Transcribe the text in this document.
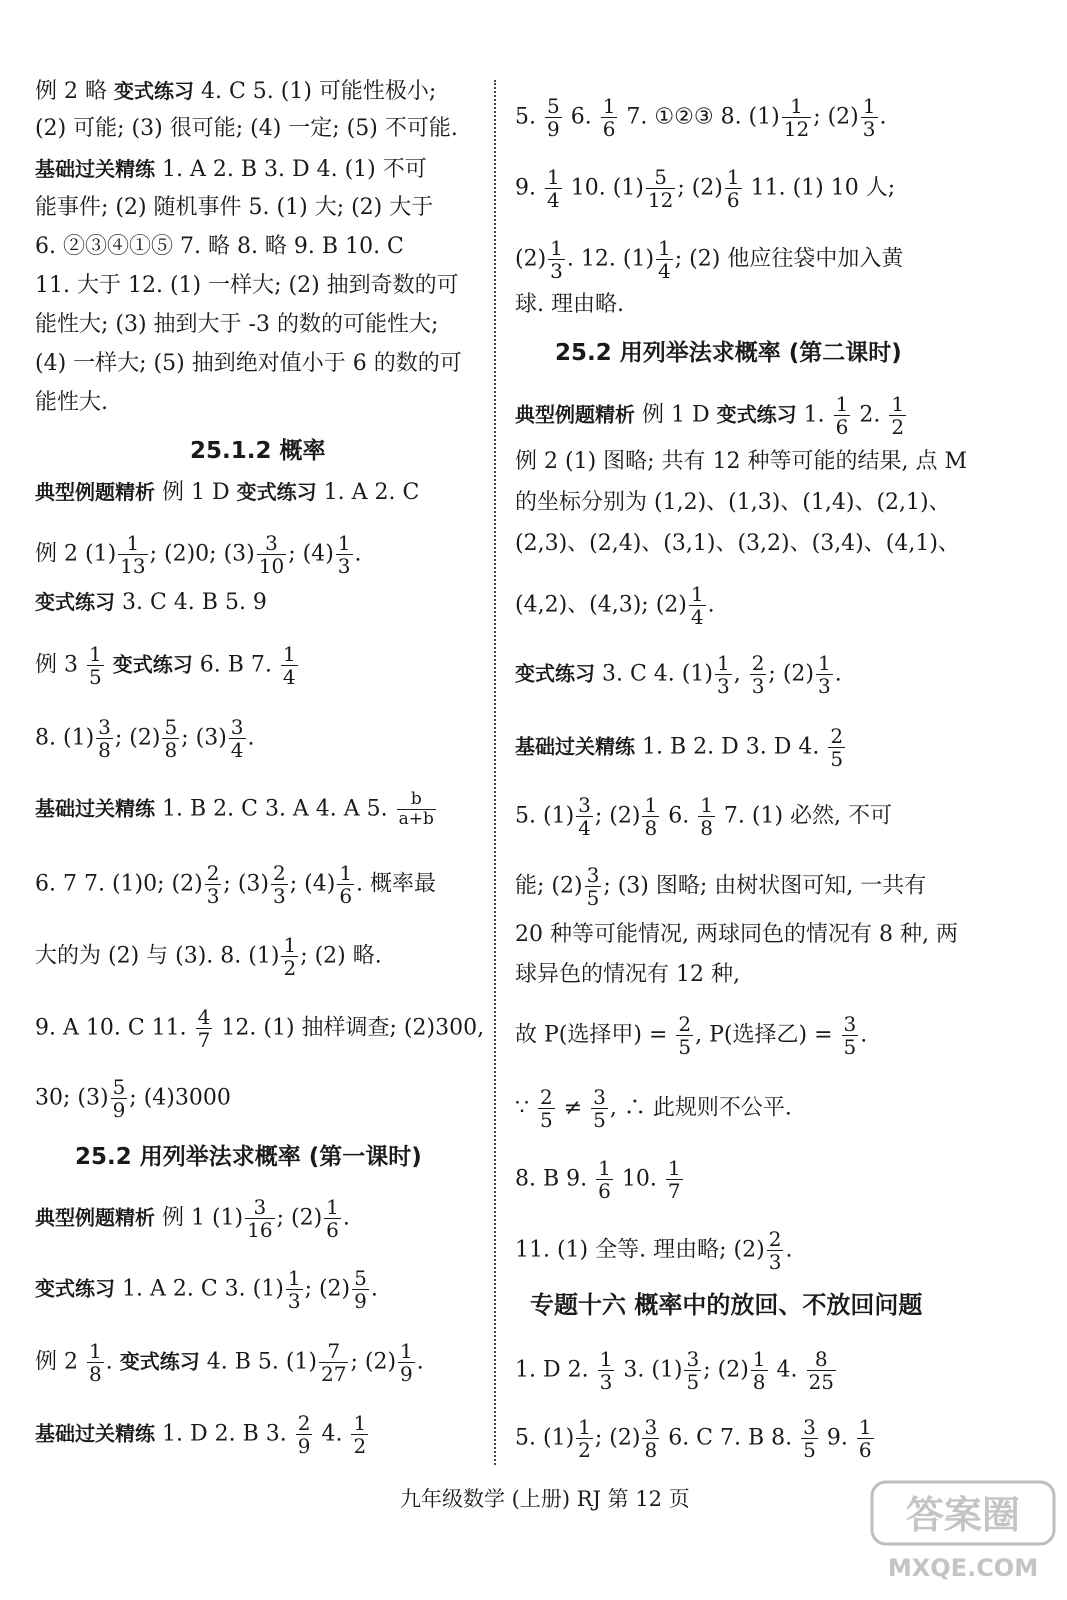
例 2 略 变式练习 4. C 5. (1) 可能性极小;
(2) 可能; (3) 很可能; (4) 一定; (5) 不可能.
基础过关精练 1. A 2. B 3. D 4. (1) 不可
能事件; (2) 随机事件 5. (1) 大; (2) 大于
6. ②③④①⑤ 7. 略 8. 略 9. B 10. C
11. 大于 12. (1) 一样大; (2) 抽到奇数的可
能性大; (3) 抽到大于 -3 的数的可能性大;
(4) 一样大; (5) 抽到绝对值小于 6 的数的可
能性大.
25.1.2 概率
典型例题精析 例 1 D 变式练习 1. A 2. C
例 2 $(1) \frac{1}{13}$ ; (2)0; $(3) \frac{3}{10}$ ; $(4) \frac{1}{3}$ .
变式练习 3. C 4. B 5. 9
例 $3 \frac{1}{5}$ 变式练习 6. B 7. $\frac{1}{4}$
8. $(1) \frac{3}{8}$ ; $(2) \frac{5}{8}$ ; $(3) \frac{3}{4}$ .
基础过关精练 1. B 2. C 3. A 4. A 5. $\frac{b}{a+b}$
6. 7 7. (1)0; $(2) \frac{2}{3}$ ; $(3) \frac{2}{3}$ ; $(4) \frac{1}{6}$ . 概率最
大的为 (2) 与 (3). 8. $(1) \frac{1}{2}$ ; (2) 略.
9. A 10. C 11. $\frac{4}{7} 12$. (1) 抽样调查; (2)300,
30; $(3) \frac{5}{9}$ ; (4)3000
25.2 用列举法求概率 (第一课时)
典型例题精析 例 1 $(1) \frac{3}{16}$ ; $(2) \frac{1}{6}$ .
变式练习 1. A 2. C 3. $(1) \frac{1}{3}$ ; $(2) \frac{5}{9}$ .
例 $2 \frac{1}{8}$ . 变式练习 4. B 5. $(1) \frac{7}{27}$ ; $(2) \frac{1}{9}$ .
基础过关精练 1. D 2. B 3. $\frac{2}{9} 4$. $\frac{1}{2}$
5. $\frac{5}{9} 6$. $\frac{1}{6} 7$. ①②③ 8. $(1) \frac{1}{12}$ ; $(2) \frac{1}{3}$ .
9. $\frac{1}{4} 10$. $(1) \frac{5}{12}$ ; $(2) \frac{1}{6} 11$. (1) 10 人;
$(2) \frac{1}{3}$ . 12. $(1) \frac{1}{4}$ ; (2) 他应往袋中加入黄
球. 理由略.
25.2 用列举法求概率 (第二课时)
典型例题精析 例 1 D 变式练习 1. $\frac{1}{6} 2$. $\frac{1}{2}$
例 2 (1) 图略; 共有 12 种等可能的结果, 点 M
的坐标分别为 (1,2)、(1,3)、(1,4)、(2,1)、
(2,3)、(2,4)、(3,1)、(3,2)、(3,4)、(4,1)、
(4,2)、(4,3); $(2) \frac{1}{4}$ .
变式练习 3. C 4. $(1) \frac{1}{3}$ , $\frac{2}{3}$ ; $(2) \frac{1}{3}$ .
基础过关精练 1. B 2. D 3. D 4. $\frac{2}{5}$
5. $(1) \frac{3}{4}$ ; $(2) \frac{1}{8} 6$. $\frac{1}{8} 7$. (1) 必然, 不可
能; $(2) \frac{3}{5}$ ; (3) 图略; 由树状图可知, 一共有
20 种等可能情况, 两球同色的情况有 8 种, 两
球异色的情况有 12 种,
故 P(选择甲) = $\frac{2}{5}$ , P(选择乙) = $\frac{3}{5}$ .
∵ $\frac{2}{5} \ne \frac{3}{5}$ , ∴ 此规则不公平.
8. B 9. $\frac{1}{6} 10$. $\frac{1}{7}$
11. (1) 全等. 理由略; $(2) \frac{2}{3}$ .
专题十六 概率中的放回、不放回问题
1. D 2. $\frac{1}{3} 3$. $(1) \frac{3}{5}$ ; $(2) \frac{1}{8} 4$. $\frac{8}{25}$
5. $(1) \frac{1}{2}$ ; $(2) \frac{3}{8} 6$. C 7. B 8. $\frac{3}{5} 9$. $\frac{1}{6}$
九年级数学 (上册) RJ 第 12 页	答案圈
MXQE.COM
